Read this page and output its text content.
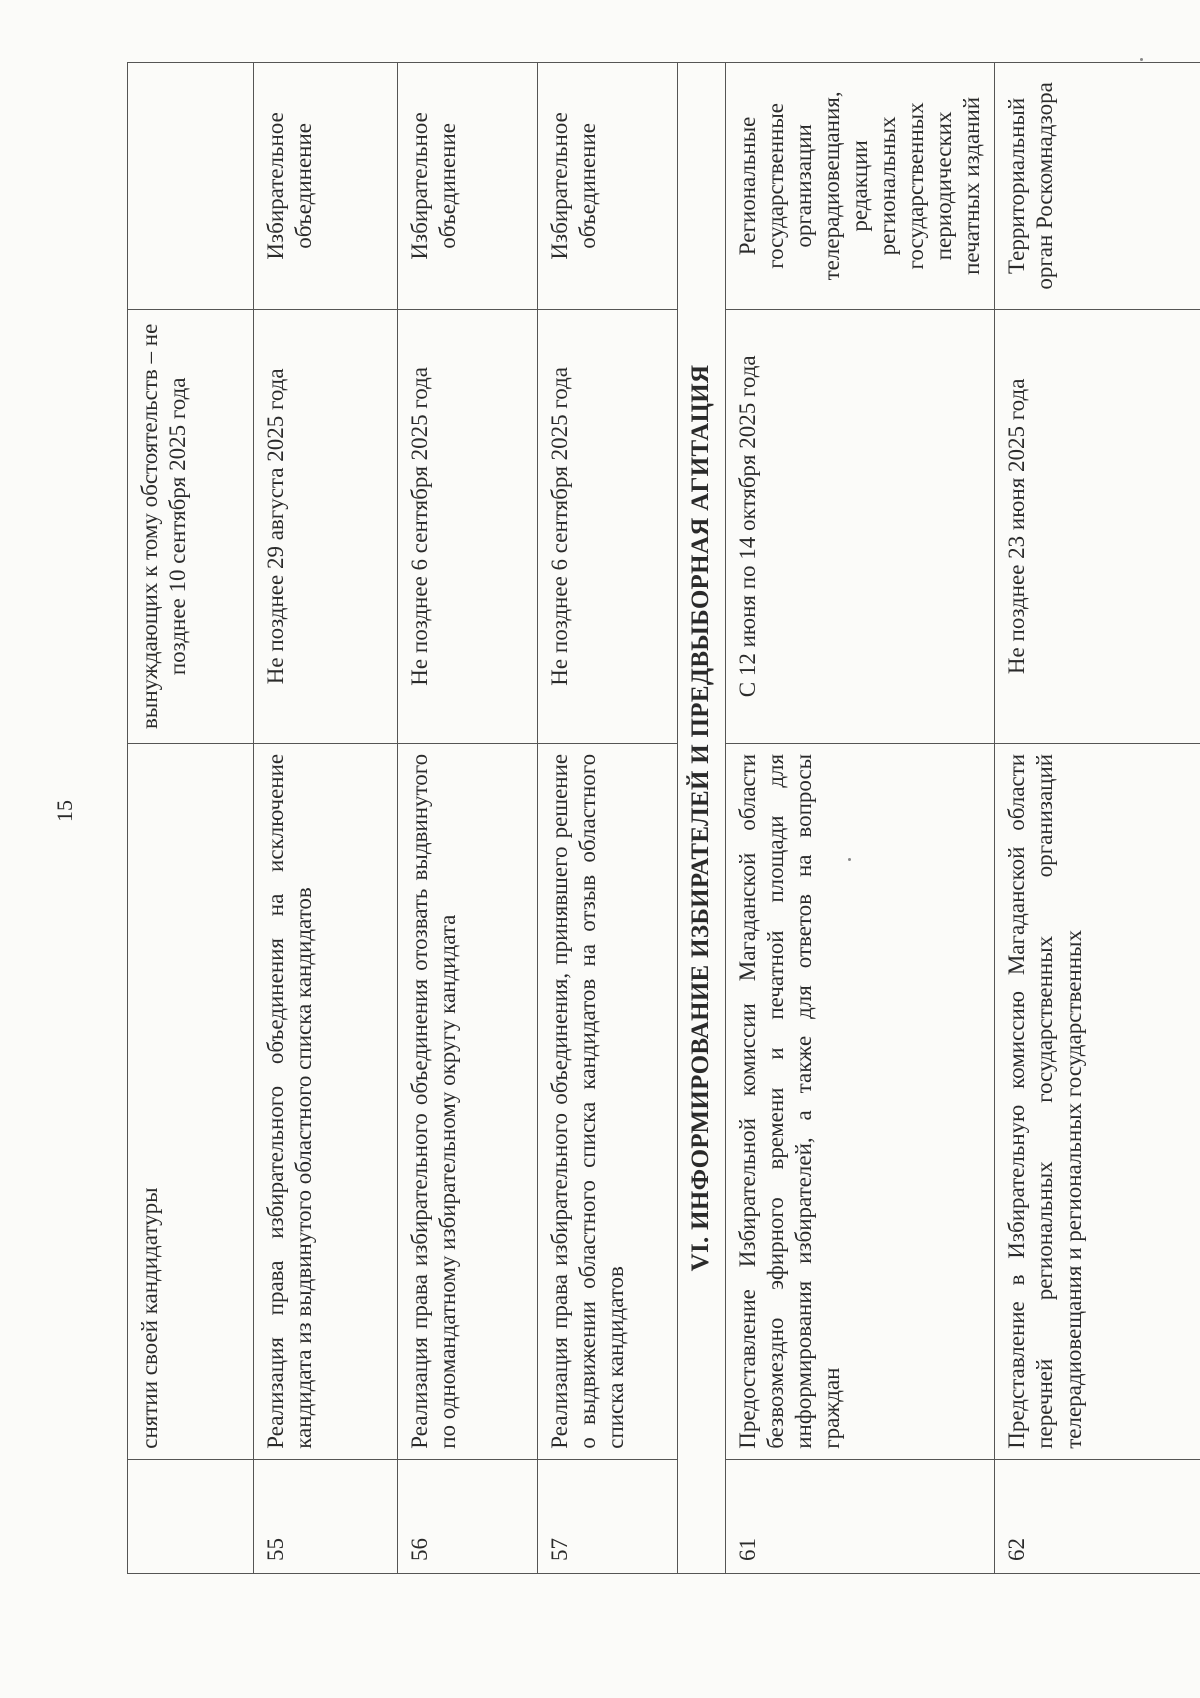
15
	снятии своей кандидатуры	вынуждающих к тому обстоятельств – не позднее 10 сентября 2025 года	
55	Реализация права избирательного объединения на исключение кандидата из выдвинутого областного списка кандидатов	Не позднее 29 августа 2025 года	Избирательное объединение
56	Реализация права избирательного объединения отозвать выдвинутого по одномандатному избирательному округу кандидата	Не позднее 6 сентября 2025 года	Избирательное объединение
57	Реализация права избирательного объединения, принявшего решение о выдвижении областного списка кандидатов на отзыв областного списка кандидатов	Не позднее 6 сентября 2025 года	Избирательное объединение
VI. ИНФОРМИРОВАНИЕ ИЗБИРАТЕЛЕЙ И ПРЕДВЫБОРНАЯ АГИТАЦИЯ			
61	Предоставление Избирательной комиссии Магаданской области безвозмездно эфирного времени и печатной площади для информирования избирателей, а также для ответов на вопросы граждан	С 12 июня по 14 октября 2025 года	Региональные государственные организации телерадиовещания, редакции региональных государственных периодических печатных изданий
62	Представление в Избирательную комиссию Магаданской области перечней региональных государственных организаций телерадиовещания и региональных государственных	Не позднее 23 июня 2025 года	Территориальный орган Роскомнадзора
